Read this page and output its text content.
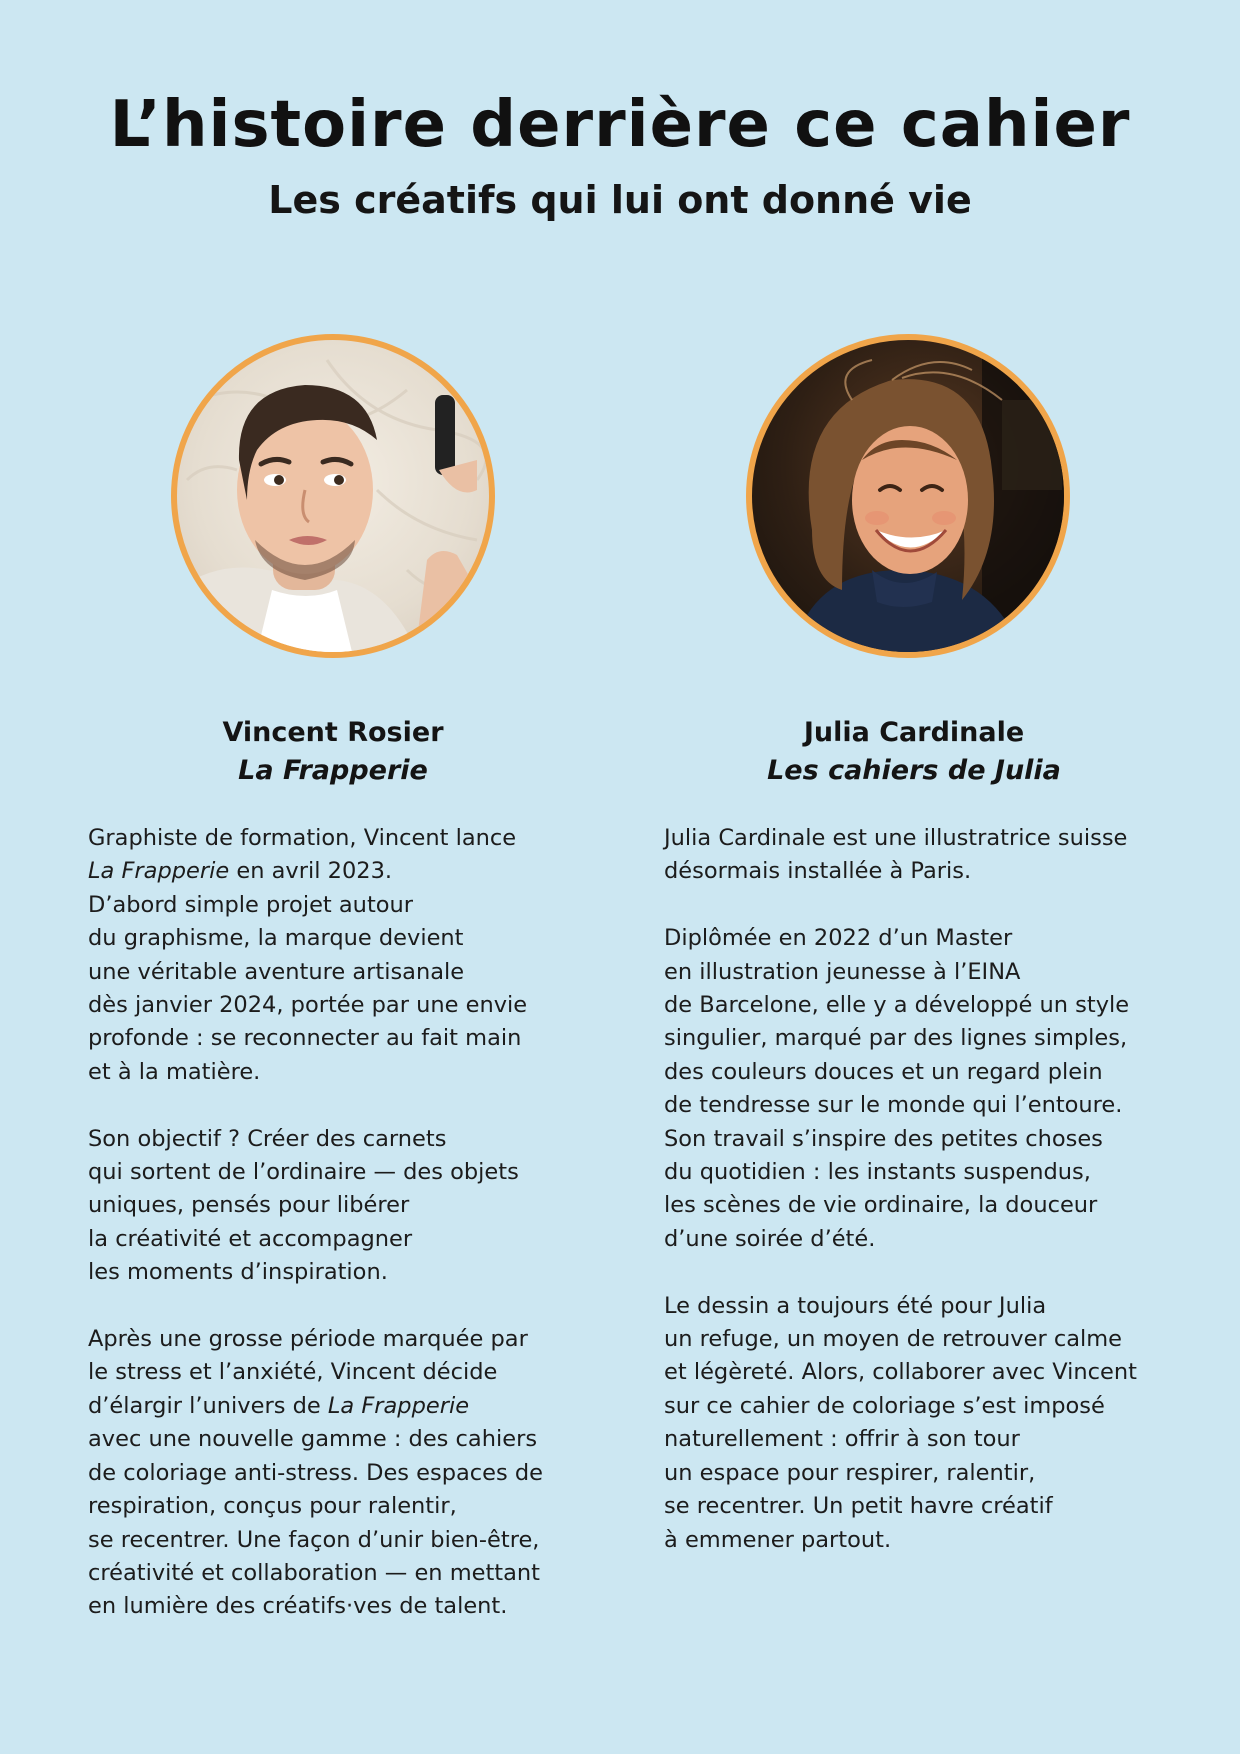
L’histoire derrière ce cahier
Les créatifs qui lui ont donné vie
Vincent Rosier
La Frapperie
Julia Cardinale
Les cahiers de Julia

Graphiste de formation, Vincent lance
La Frapperie en avril 2023.
D’abord simple projet autour
du graphisme, la marque devient
une véritable aventure artisanale
dès janvier 2024, portée par une envie
profonde : se reconnecter au fait main
et à la matière.

Son objectif ? Créer des carnets
qui sortent de l’ordinaire — des objets
uniques, pensés pour libérer
la créativité et accompagner
les moments d’inspiration.

Après une grosse période marquée par
le stress et l’anxiété, Vincent décide
d’élargir l’univers de La Frapperie
avec une nouvelle gamme : des cahiers
de coloriage anti-stress. Des espaces de
respiration, conçus pour ralentir,
se recentrer. Une façon d’unir bien-être,
créativité et collaboration — en mettant
en lumière des créatifs·ves de talent.

Julia Cardinale est une illustratrice suisse
désormais installée à Paris.

Diplômée en 2022 d’un Master
en illustration jeunesse à l’EINA
de Barcelone, elle y a développé un style
singulier, marqué par des lignes simples,
des couleurs douces et un regard plein
de tendresse sur le monde qui l’entoure.
Son travail s’inspire des petites choses
du quotidien : les instants suspendus,
les scènes de vie ordinaire, la douceur
d’une soirée d’été.

Le dessin a toujours été pour Julia
un refuge, un moyen de retrouver calme
et légèreté. Alors, collaborer avec Vincent
sur ce cahier de coloriage s’est imposé
naturellement : offrir à son tour
un espace pour respirer, ralentir,
se recentrer. Un petit havre créatif
à emmener partout.
